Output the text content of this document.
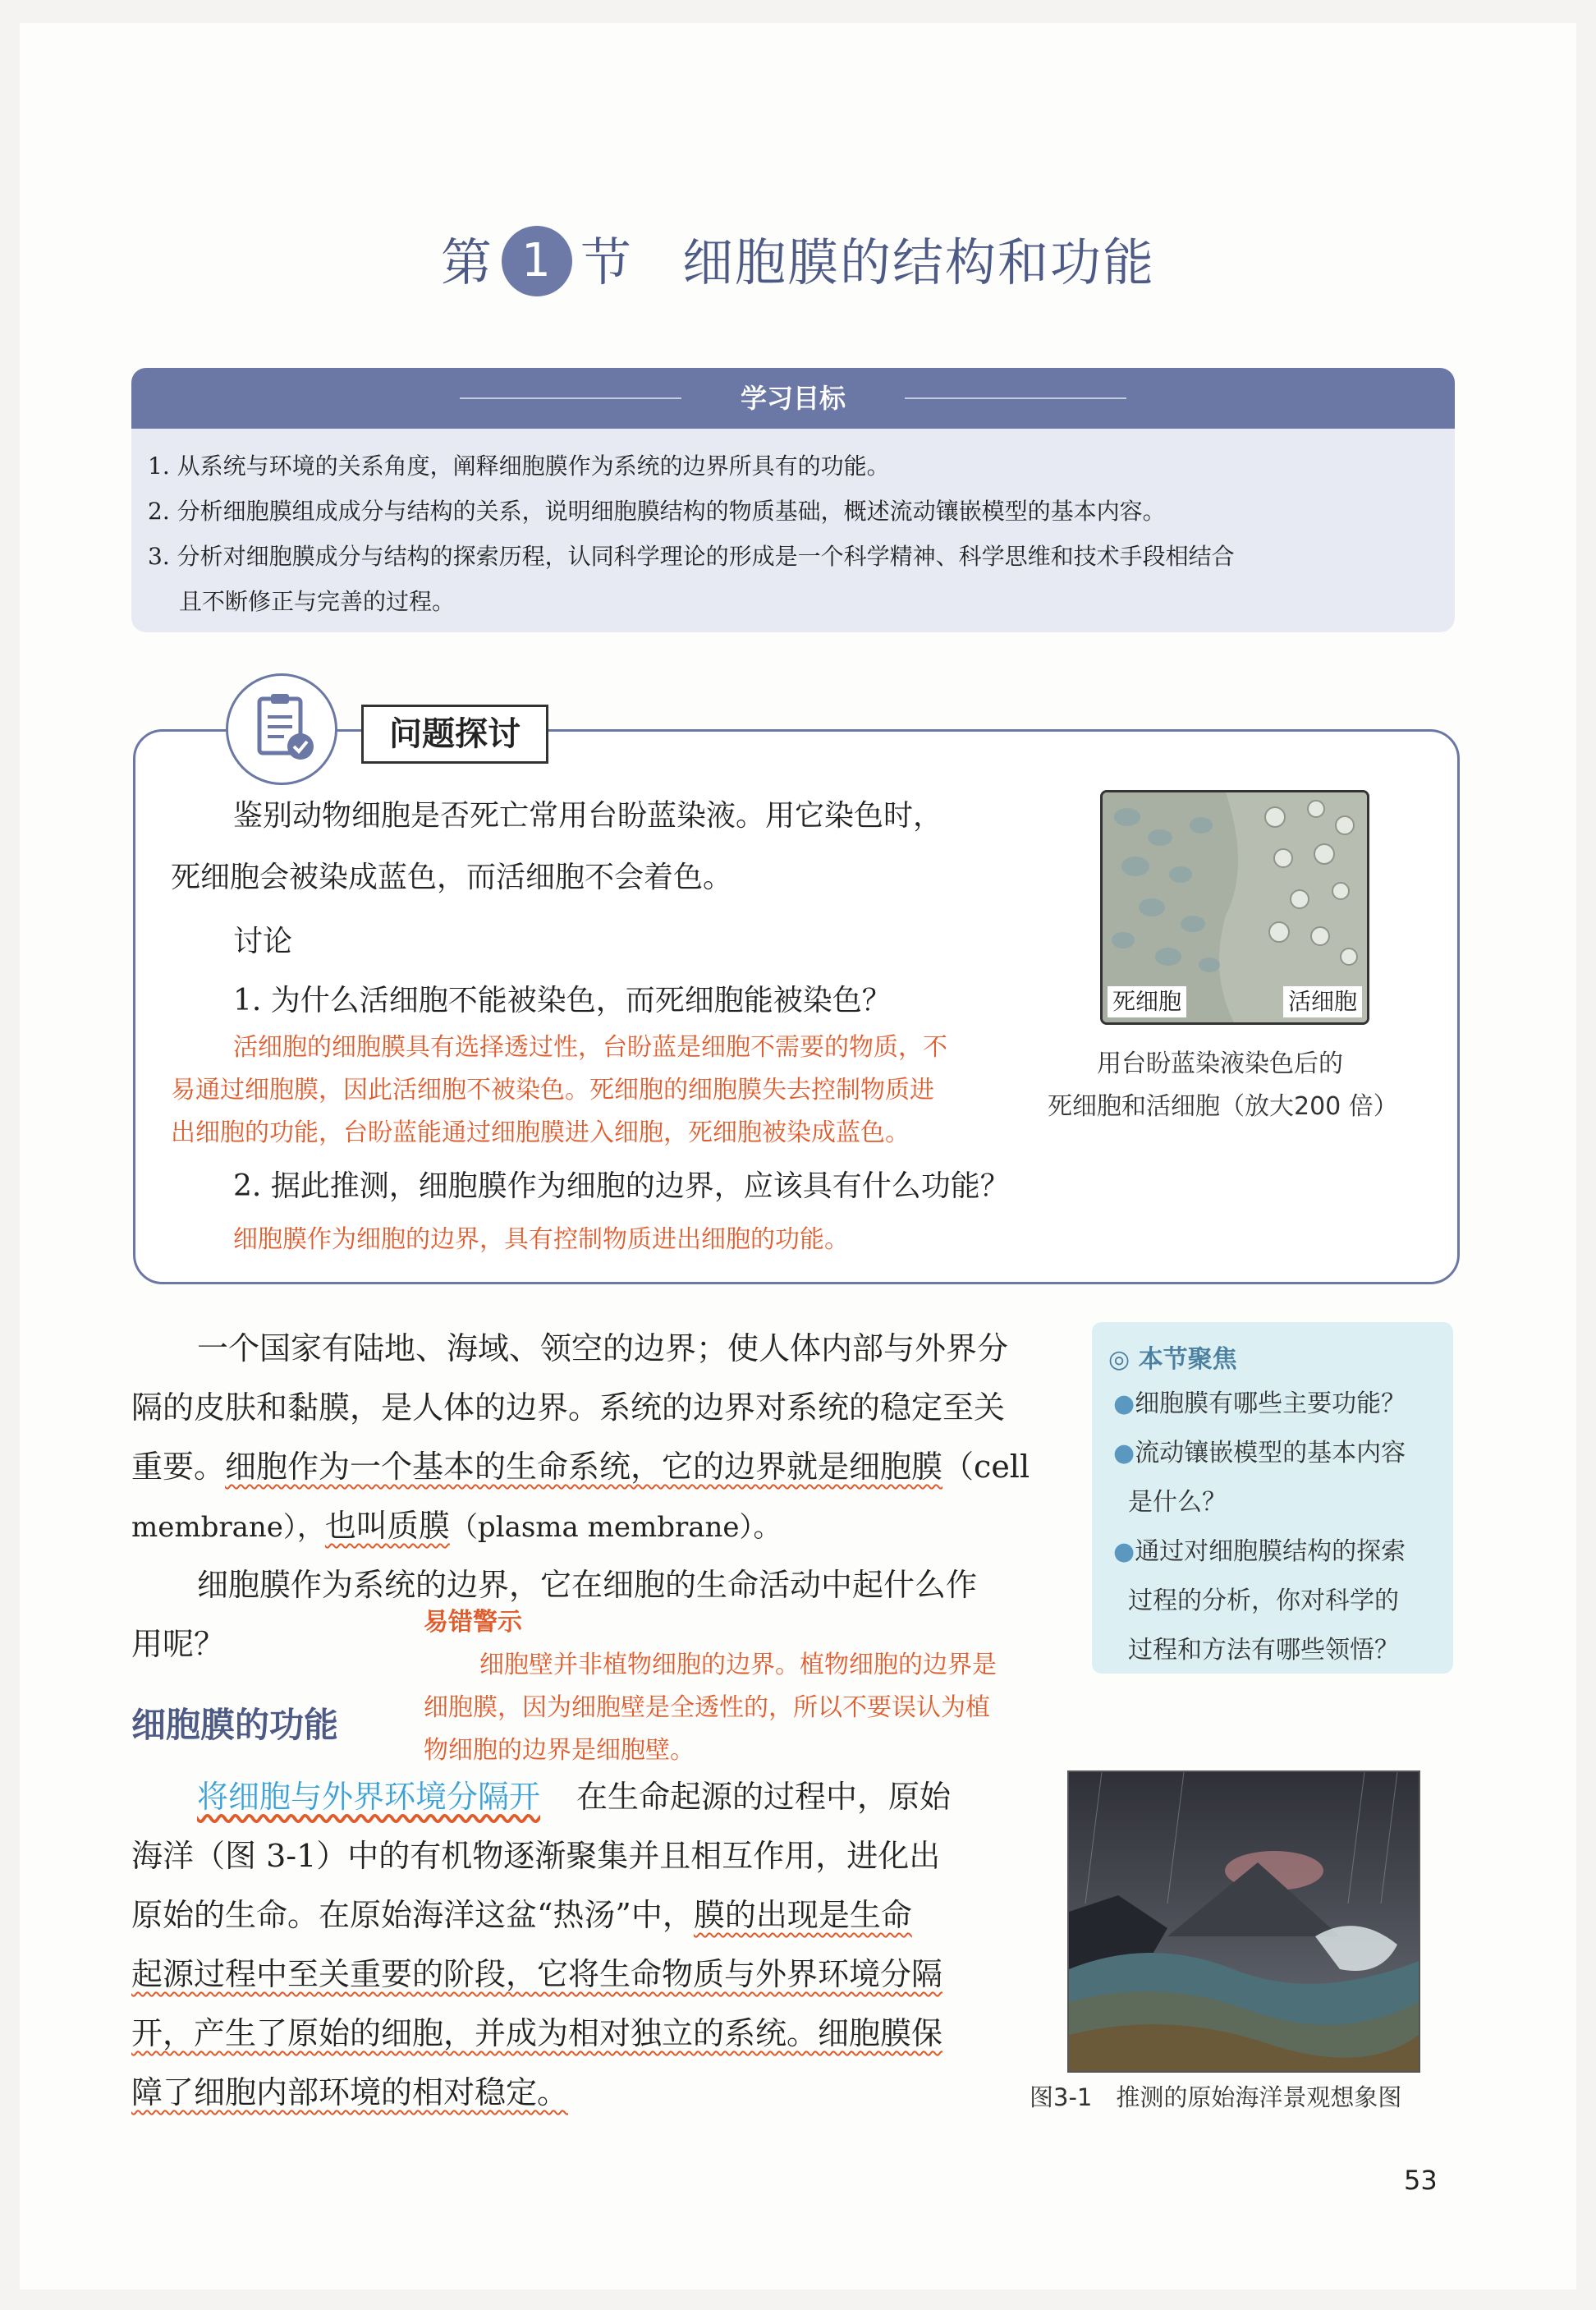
第 1 节 细胞膜的结构和功能
学习目标

1. 从系统与环境的关系角度，阐释细胞膜作为系统的边界所具有的功能。

2. 分析细胞膜组成成分与结构的关系，说明细胞膜结构的物质基础，概述流动镶嵌模型的基本内容。

3. 分析对细胞膜成分与结构的探索历程，认同科学理论的形成是一个科学精神、科学思维和技术手段相结合

且不断修正与完善的过程。

问题探讨
鉴别动物细胞是否死亡常用台盼蓝染液。用它染色时，
死细胞会被染成蓝色，而活细胞不会着色。
讨论
1. 为什么活细胞不能被染色，而死细胞能被染色？
活细胞的细胞膜具有选择透过性，台盼蓝是细胞不需要的物质，不
易通过细胞膜，因此活细胞不被染色。死细胞的细胞膜失去控制物质进
出细胞的功能，台盼蓝能通过细胞膜进入细胞，死细胞被染成蓝色。
2. 据此推测，细胞膜作为细胞的边界，应该具有什么功能？
细胞膜作为细胞的边界，具有控制物质进出细胞的功能。
死细胞	活细胞
用台盼蓝染液染色后的
死细胞和活细胞（放大200 倍）
一个国家有陆地、海域、领空的边界；使人体内部与外界分
隔的皮肤和黏膜，是人体的边界。系统的边界对系统的稳定至关
重要。细胞作为一个基本的生命系统，它的边界就是细胞膜（cell
membrane），也叫质膜（plasma membrane）。
细胞膜作为系统的边界，它在细胞的生命活动中起什么作
用呢？
◎ 本节聚焦
●细胞膜有哪些主要功能？
●流动镶嵌模型的基本内容
是什么？
●通过对细胞膜结构的探索
过程的分析，你对科学的
过程和方法有哪些领悟？
易错警示
细胞壁并非植物细胞的边界。植物细胞的边界是
细胞膜，因为细胞壁是全透性的，所以不要误认为植
物细胞的边界是细胞壁。
细胞膜的功能
将细胞与外界环境分隔开 在生命起源的过程中，原始
海洋（图 3-1）中的有机物逐渐聚集并且相互作用，进化出
原始的生命。在原始海洋这盆“热汤”中，膜的出现是生命
起源过程中至关重要的阶段，它将生命物质与外界环境分隔
开，产生了原始的细胞，并成为相对独立的系统。细胞膜保
障了细胞内部环境的相对稳定。	图3-1　推测的原始海洋景观想象图
53
